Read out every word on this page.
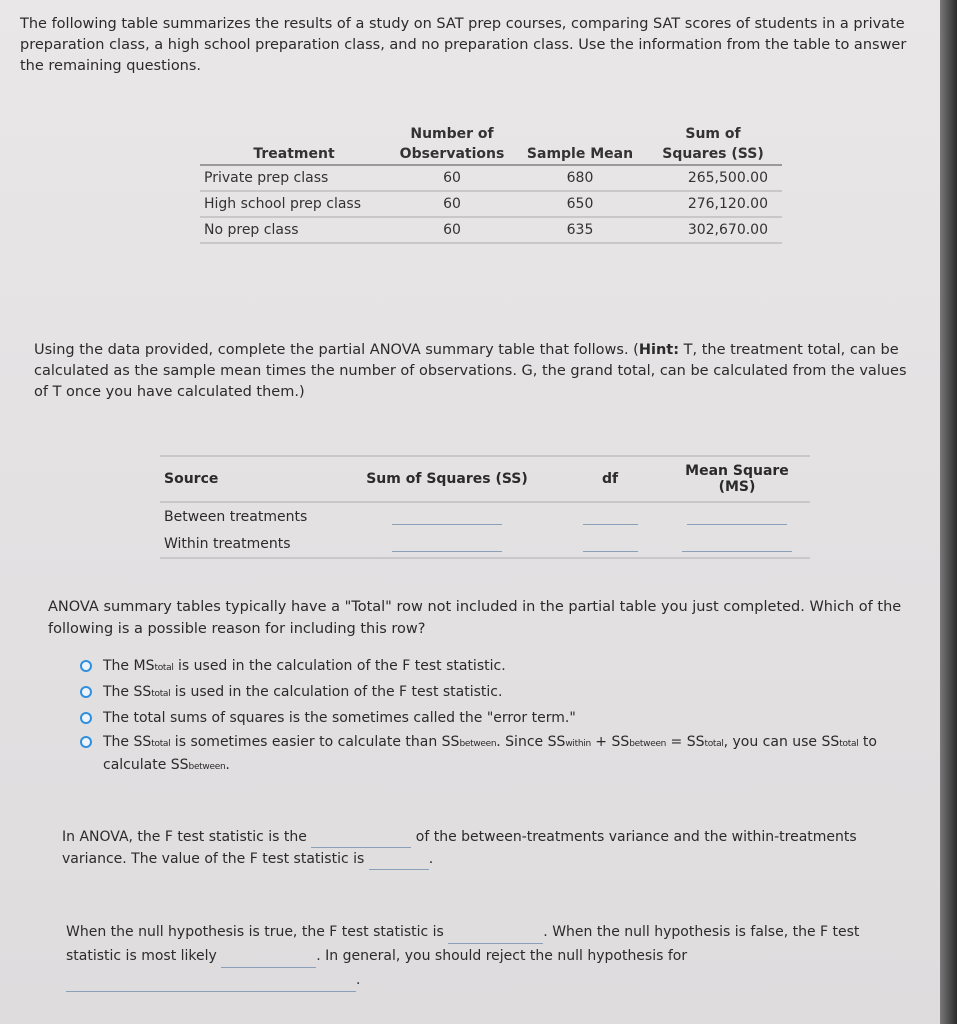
The following table summarizes the results of a study on SAT prep courses, comparing SAT scores of students in a private preparation class, a high school preparation class, and no preparation class. Use the information from the table to answer the remaining questions.

	Number of		Sum of
Treatment	Observations	Sample Mean	Squares (SS)
Private prep class	60	680	265,500.00
High school prep class	60	650	276,120.00
No prep class	60	635	302,670.00

Using the data provided, complete the partial ANOVA summary table that follows. (Hint: T, the treatment total, can be calculated as the sample mean times the number of observations. G, the grand total, can be calculated from the values of T once you have calculated them.)

Source	Sum of Squares (SS)	df	Mean Square (MS)
Between treatments			
Within treatments			

ANOVA summary tables typically have a "Total" row not included in the partial table you just completed. Which of the following is a possible reason for including this row?

The MStotal is used in the calculation of the F test statistic.
The SStotal is used in the calculation of the F test statistic.
The total sums of squares is the sometimes called the "error term."
The SStotal is sometimes easier to calculate than SSbetween. Since SSwithin + SSbetween = SStotal, you can use SStotal to calculate SSbetween.

In ANOVA, the F test statistic is the	of the between-treatments variance and the within-treatments variance. The value of the F test statistic is	.

When the null hypothesis is true, the F test statistic is	. When the null hypothesis is false, the F test statistic is most likely	. In general, you should reject the null hypothesis for
.
